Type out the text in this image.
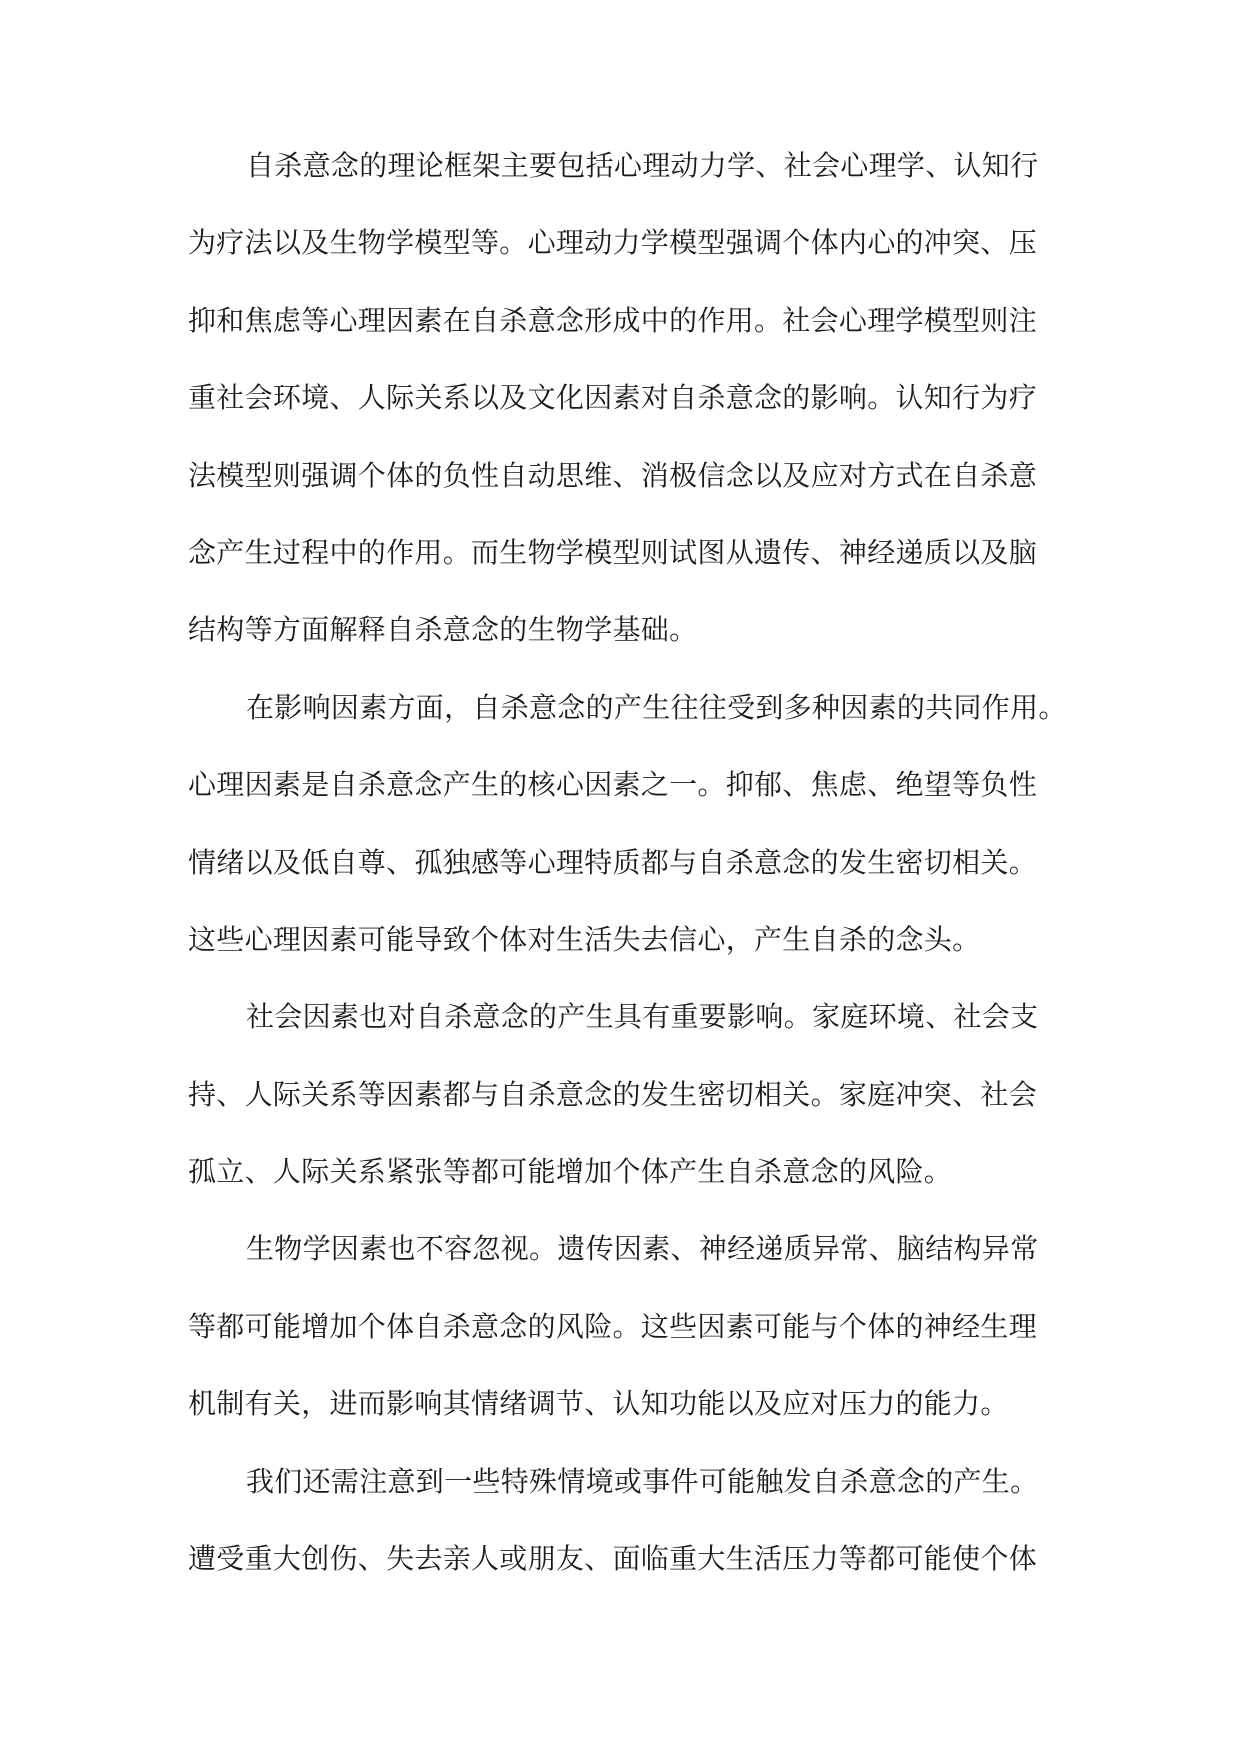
自杀意念的理论框架主要包括心理动力学、社会心理学、认知行
为疗法以及生物学模型等。心理动力学模型强调个体内心的冲突、压
抑和焦虑等心理因素在自杀意念形成中的作用。社会心理学模型则注
重社会环境、人际关系以及文化因素对自杀意念的影响。认知行为疗
法模型则强调个体的负性自动思维、消极信念以及应对方式在自杀意
念产生过程中的作用。而生物学模型则试图从遗传、神经递质以及脑
结构等方面解释自杀意念的生物学基础。
在影响因素方面，自杀意念的产生往往受到多种因素的共同作用。
心理因素是自杀意念产生的核心因素之一。抑郁、焦虑、绝望等负性
情绪以及低自尊、孤独感等心理特质都与自杀意念的发生密切相关。
这些心理因素可能导致个体对生活失去信心，产生自杀的念头。
社会因素也对自杀意念的产生具有重要影响。家庭环境、社会支
持、人际关系等因素都与自杀意念的发生密切相关。家庭冲突、社会
孤立、人际关系紧张等都可能增加个体产生自杀意念的风险。
生物学因素也不容忽视。遗传因素、神经递质异常、脑结构异常
等都可能增加个体自杀意念的风险。这些因素可能与个体的神经生理
机制有关，进而影响其情绪调节、认知功能以及应对压力的能力。
我们还需注意到一些特殊情境或事件可能触发自杀意念的产生。
遭受重大创伤、失去亲人或朋友、面临重大生活压力等都可能使个体
